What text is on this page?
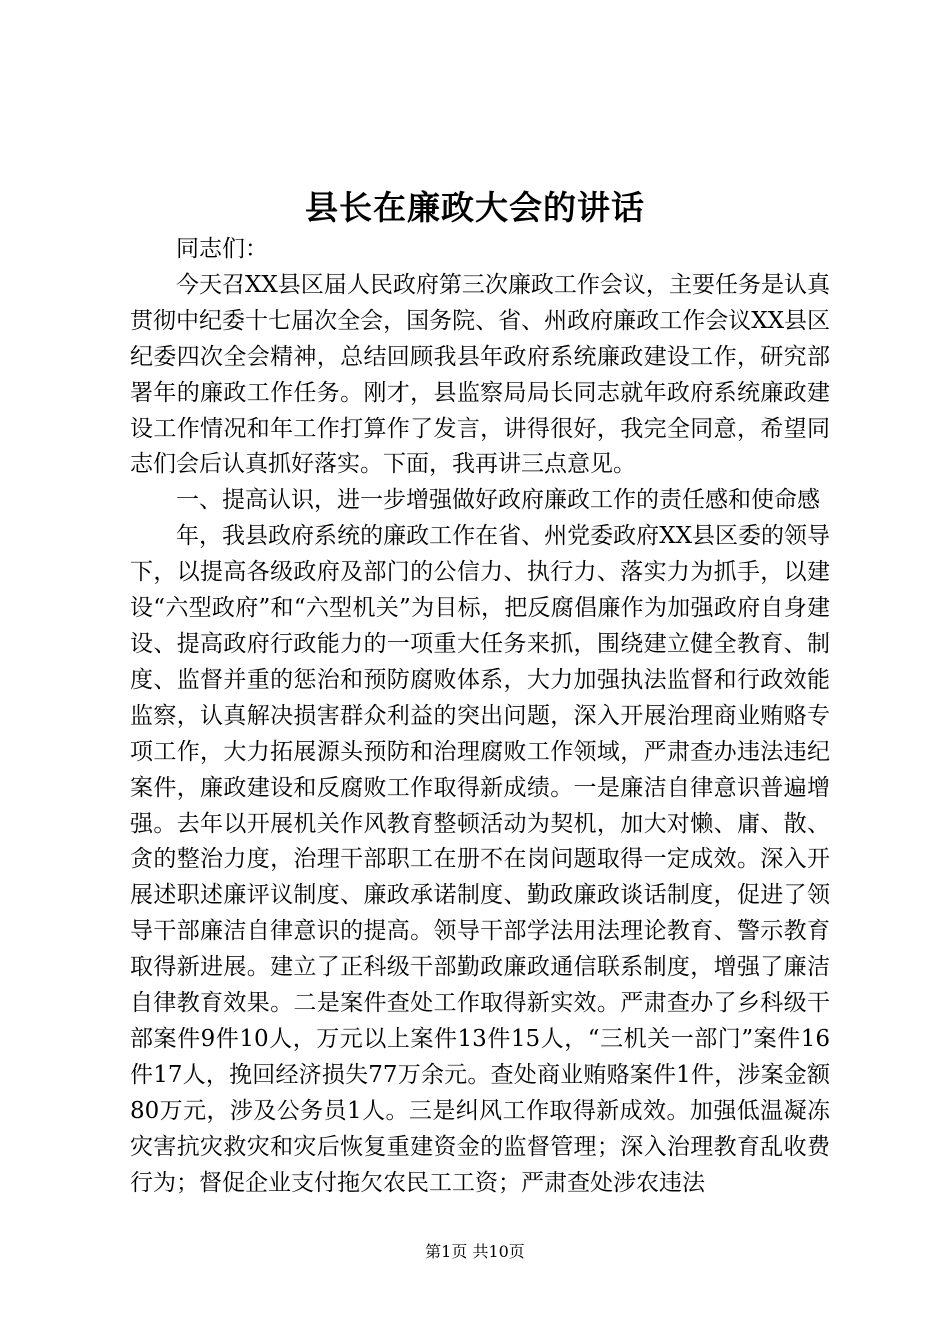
县长在廉政大会的讲话

同志们：

今天召XX县区届人民政府第三次廉政工作会议，主要任务是认真贯彻中纪委十七届次全会，国务院、省、州政府廉政工作会议XX县区纪委四次全会精神，总结回顾我县年政府系统廉政建设工作，研究部署年的廉政工作任务。刚才，县监察局局长同志就年政府系统廉政建设工作情况和年工作打算作了发言，讲得很好，我完全同意，希望同志们会后认真抓好落实。下面，我再讲三点意见。

一、提高认识，进一步增强做好政府廉政工作的责任感和使命感

年，我县政府系统的廉政工作在省、州党委政府XX县区委的领导下，以提高各级政府及部门的公信力、执行力、落实力为抓手，以建设“六型政府”和“六型机关”为目标，把反腐倡廉作为加强政府自身建设、提高政府行政能力的一项重大任务来抓，围绕建立健全教育、制度、监督并重的惩治和预防腐败体系，大力加强执法监督和行政效能监察，认真解决损害群众利益的突出问题，深入开展治理商业贿赂专项工作，大力拓展源头预防和治理腐败工作领域，严肃查办违法违纪案件，廉政建设和反腐败工作取得新成绩。一是廉洁自律意识普遍增强。去年以开展机关作风教育整顿活动为契机，加大对懒、庸、散、贪的整治力度，治理干部职工在册不在岗问题取得一定成效。深入开展述职述廉评议制度、廉政承诺制度、勤政廉政谈话制度，促进了领导干部廉洁自律意识的提高。领导干部学法用法理论教育、警示教育取得新进展。建立了正科级干部勤政廉政通信联系制度，增强了廉洁自律教育效果。二是案件查处工作取得新实效。严肃查办了乡科级干部案件9件10人，万元以上案件13件15人，“三机关一部门”案件16件17人，挽回经济损失77万余元。查处商业贿赂案件1件，涉案金额80万元，涉及公务员1人。三是纠风工作取得新成效。加强低温凝冻灾害抗灾救灾和灾后恢复重建资金的监督管理；深入治理教育乱收费行为；督促企业支付拖欠农民工工资；严肃查处涉农违法

第1页 共10页
